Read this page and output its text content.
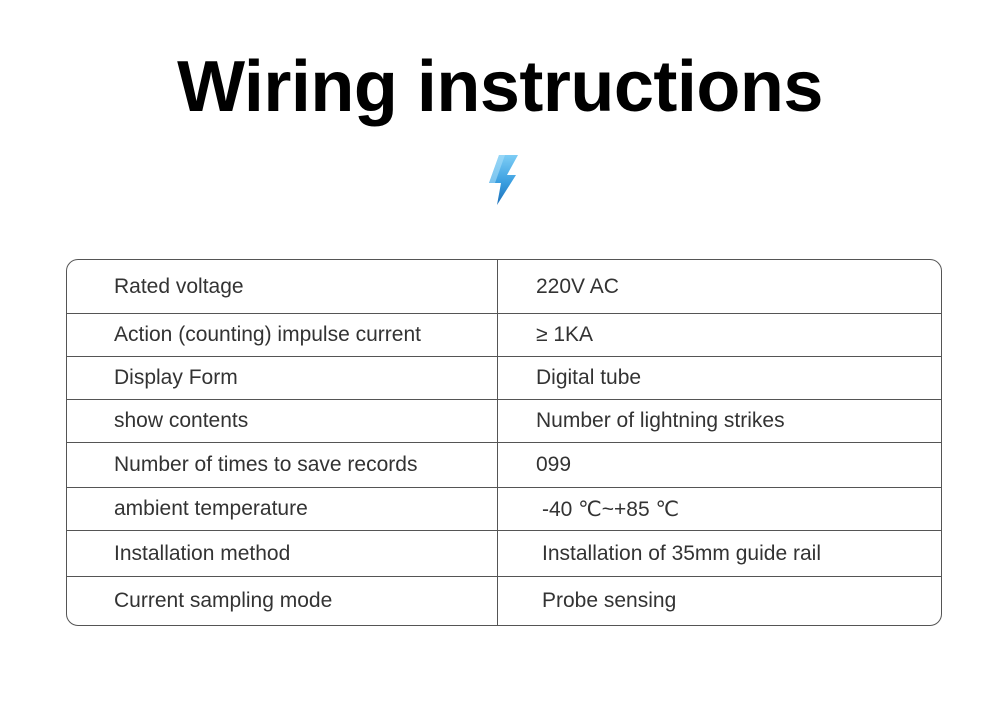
Wiring instructions
Rated voltage	220V AC
Action (counting) impulse current	≥ 1KA
Display Form	Digital tube
show contents	Number of lightning strikes
Number of times to save records	099
ambient temperature	-40 ℃~+85 ℃
Installation method	Installation of 35mm guide rail
Current sampling mode	Probe sensing
